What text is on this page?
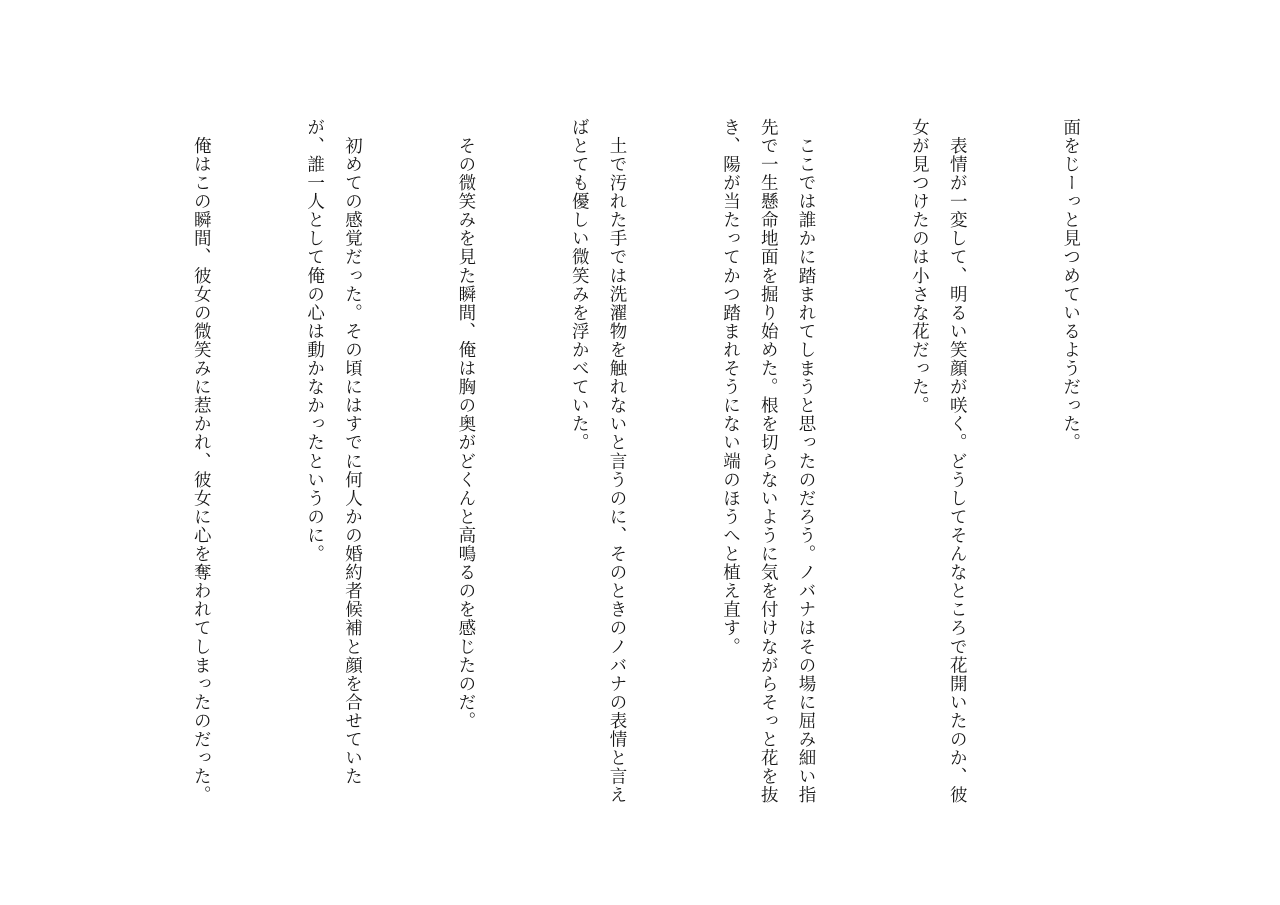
面をじーっと見つめているようだった。

　表情が一変して、明るい笑顔が咲く。どうしてそんなところで花開いたのか、彼女が見つけたのは小さな花だった。

　ここでは誰かに踏まれてしまうと思ったのだろう。ノバナはその場に屈み細い指先で一生懸命地面を掘り始めた。根を切らないように気を付けながらそっと花を抜き、陽が当たってかつ踏まれそうにない端のほうへと植え直す。

　土で汚れた手では洗濯物を触れないと言うのに、そのときのノバナの表情と言えばとても優しい微笑みを浮かべていた。

　その微笑みを見た瞬間、俺は胸の奥がどくんと高鳴るのを感じたのだ。

　初めての感覚だった。その頃にはすでに何人かの婚約者候補と顔を合せていたが、誰一人として俺の心は動かなかったというのに。

　俺はこの瞬間、彼女の微笑みに惹かれ、彼女に心を奪われてしまったのだった。
